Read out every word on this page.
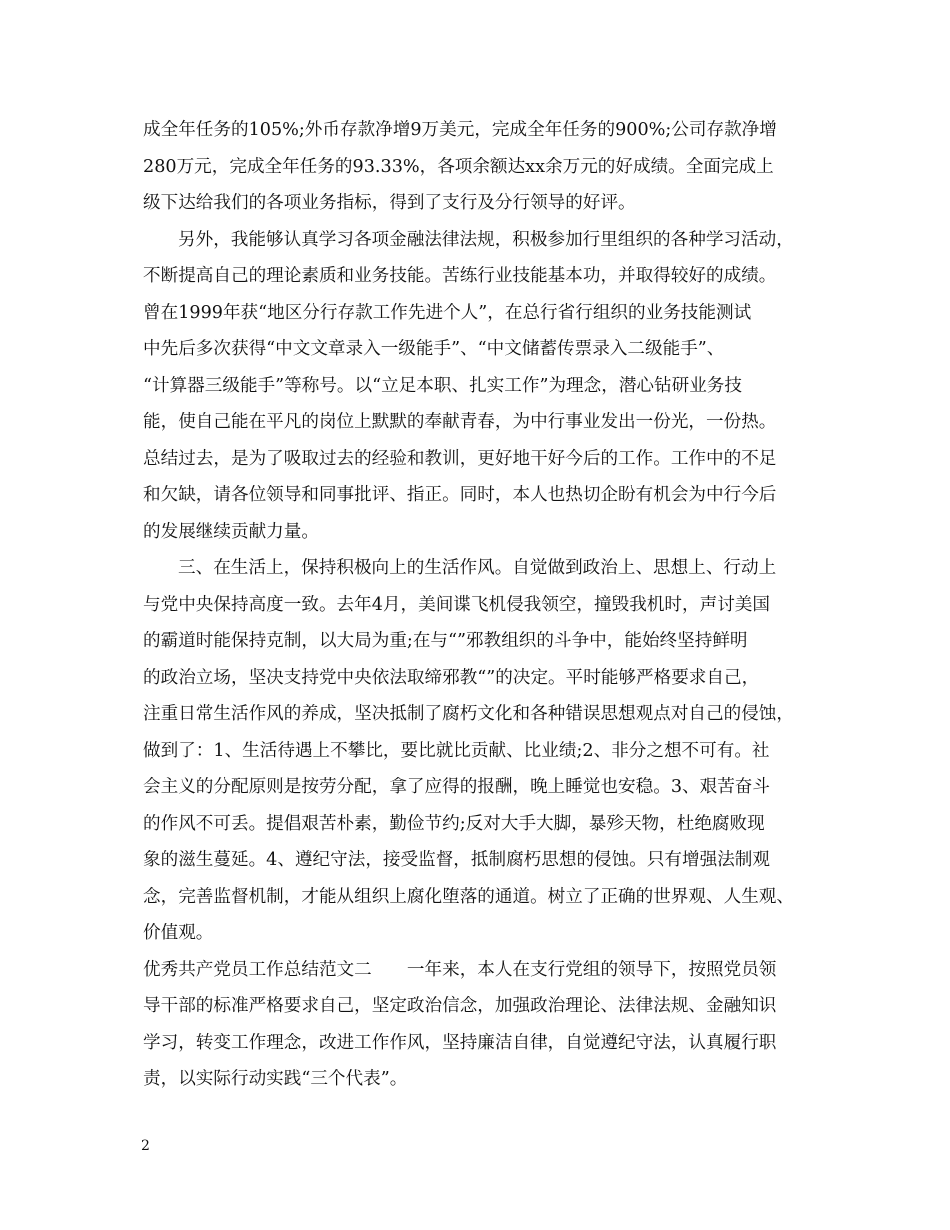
成全年任务的105%;外币存款净增9万美元，完成全年任务的900%;公司存款净增
280万元，完成全年任务的93.33%，各项余额达xx余万元的好成绩。全面完成上
级下达给我们的各项业务指标，得到了支行及分行领导的好评。
另外，我能够认真学习各项金融法律法规，积极参加行里组织的各种学习活动，
不断提高自己的理论素质和业务技能。苦练行业技能基本功，并取得较好的成绩。
曾在1999年获“地区分行存款工作先进个人”，在总行省行组织的业务技能测试
中先后多次获得“中文文章录入一级能手”、“中文储蓄传票录入二级能手”、
“计算器三级能手”等称号。以“立足本职、扎实工作”为理念，潜心钻研业务技
能，使自己能在平凡的岗位上默默的奉献青春，为中行事业发出一份光，一份热。
总结过去，是为了吸取过去的经验和教训，更好地干好今后的工作。工作中的不足
和欠缺，请各位领导和同事批评、指正。同时，本人也热切企盼有机会为中行今后
的发展继续贡献力量。
三、在生活上，保持积极向上的生活作风。自觉做到政治上、思想上、行动上
与党中央保持高度一致。去年4月，美间谍飞机侵我领空，撞毁我机时，声讨美国
的霸道时能保持克制，以大局为重;在与“”邪教组织的斗争中，能始终坚持鲜明
的政治立场，坚决支持党中央依法取缔邪教“”的决定。平时能够严格要求自己，
注重日常生活作风的养成，坚决抵制了腐朽文化和各种错误思想观点对自己的侵蚀，
做到了：1、生活待遇上不攀比，要比就比贡献、比业绩;2、非分之想不可有。社
会主义的分配原则是按劳分配，拿了应得的报酬，晚上睡觉也安稳。3、艰苦奋斗
的作风不可丢。提倡艰苦朴素，勤俭节约;反对大手大脚，暴殄天物，杜绝腐败现
象的滋生蔓延。4、遵纪守法，接受监督，抵制腐朽思想的侵蚀。只有增强法制观
念，完善监督机制，才能从组织上腐化堕落的通道。树立了正确的世界观、人生观、
价值观。
优秀共产党员工作总结范文二　　一年来，本人在支行党组的领导下，按照党员领
导干部的标准严格要求自己，坚定政治信念，加强政治理论、法律法规、金融知识
学习，转变工作理念，改进工作作风，坚持廉洁自律，自觉遵纪守法，认真履行职
责，以实际行动实践“三个代表”。
2
